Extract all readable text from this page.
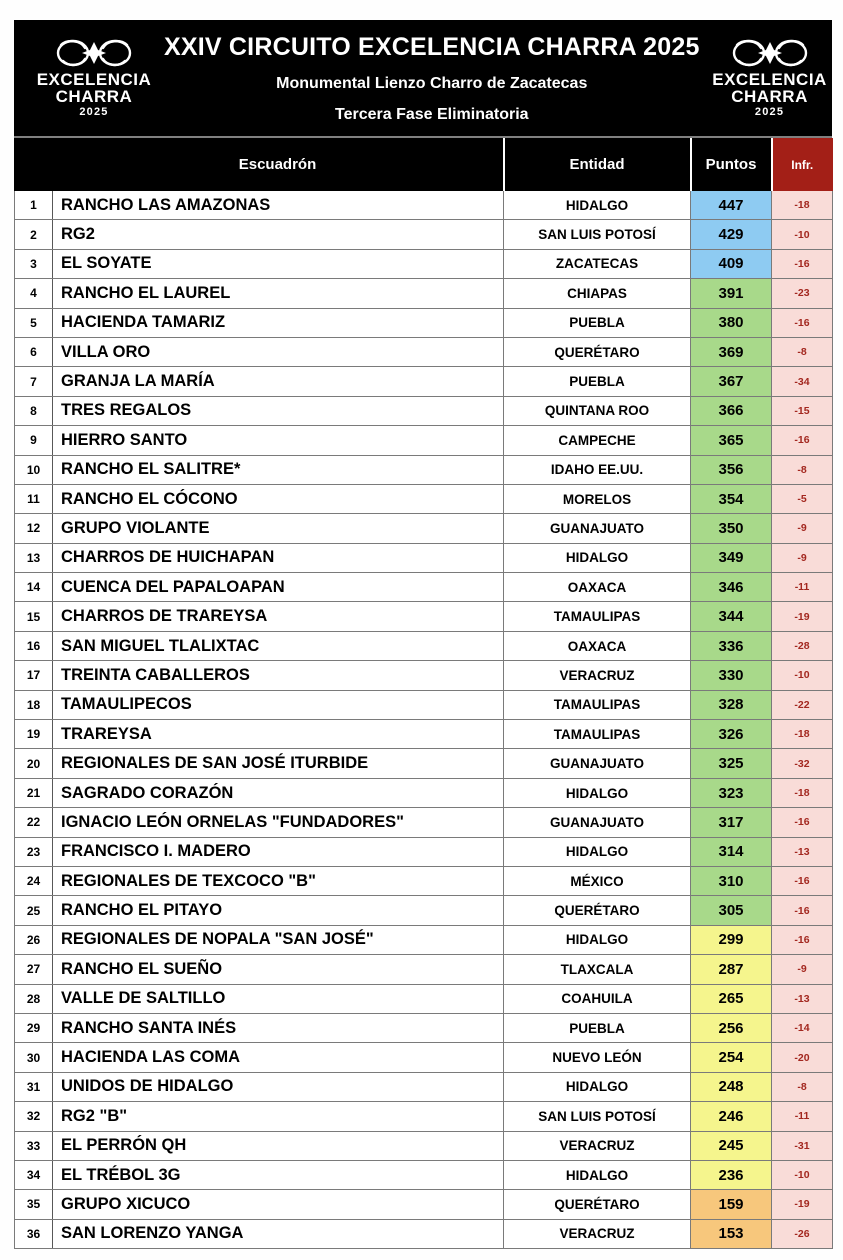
EXCELENCIA
CHARRA
2025
XXIV CIRCUITO EXCELENCIA CHARRA 2025
Monumental Lienzo Charro de Zacatecas
Tercera Fase Eliminatoria
EXCELENCIA
CHARRA
2025
	Escuadrón	Entidad	Puntos	Infr.
1	RANCHO LAS AMAZONAS	HIDALGO	447	-18
2	RG2	SAN LUIS POTOSÍ	429	-10
3	EL SOYATE	ZACATECAS	409	-16
4	RANCHO EL LAUREL	CHIAPAS	391	-23
5	HACIENDA TAMARIZ	PUEBLA	380	-16
6	VILLA ORO	QUERÉTARO	369	-8
7	GRANJA LA MARÍA	PUEBLA	367	-34
8	TRES REGALOS	QUINTANA ROO	366	-15
9	HIERRO SANTO	CAMPECHE	365	-16
10	RANCHO EL SALITRE*	IDAHO EE.UU.	356	-8
11	RANCHO EL CÓCONO	MORELOS	354	-5
12	GRUPO VIOLANTE	GUANAJUATO	350	-9
13	CHARROS DE HUICHAPAN	HIDALGO	349	-9
14	CUENCA DEL PAPALOAPAN	OAXACA	346	-11
15	CHARROS DE TRAREYSA	TAMAULIPAS	344	-19
16	SAN MIGUEL TLALIXTAC	OAXACA	336	-28
17	TREINTA CABALLEROS	VERACRUZ	330	-10
18	TAMAULIPECOS	TAMAULIPAS	328	-22
19	TRAREYSA	TAMAULIPAS	326	-18
20	REGIONALES DE SAN JOSÉ ITURBIDE	GUANAJUATO	325	-32
21	SAGRADO CORAZÓN	HIDALGO	323	-18
22	IGNACIO LEÓN ORNELAS "FUNDADORES"	GUANAJUATO	317	-16
23	FRANCISCO I. MADERO	HIDALGO	314	-13
24	REGIONALES DE TEXCOCO "B"	MÉXICO	310	-16
25	RANCHO EL PITAYO	QUERÉTARO	305	-16
26	REGIONALES DE NOPALA "SAN JOSÉ"	HIDALGO	299	-16
27	RANCHO EL SUEÑO	TLAXCALA	287	-9
28	VALLE DE SALTILLO	COAHUILA	265	-13
29	RANCHO SANTA INÉS	PUEBLA	256	-14
30	HACIENDA LAS COMA	NUEVO LEÓN	254	-20
31	UNIDOS DE HIDALGO	HIDALGO	248	-8
32	RG2 "B"	SAN LUIS POTOSÍ	246	-11
33	EL PERRÓN QH	VERACRUZ	245	-31
34	EL TRÉBOL 3G	HIDALGO	236	-10
35	GRUPO XICUCO	QUERÉTARO	159	-19
36	SAN LORENZO YANGA	VERACRUZ	153	-26
